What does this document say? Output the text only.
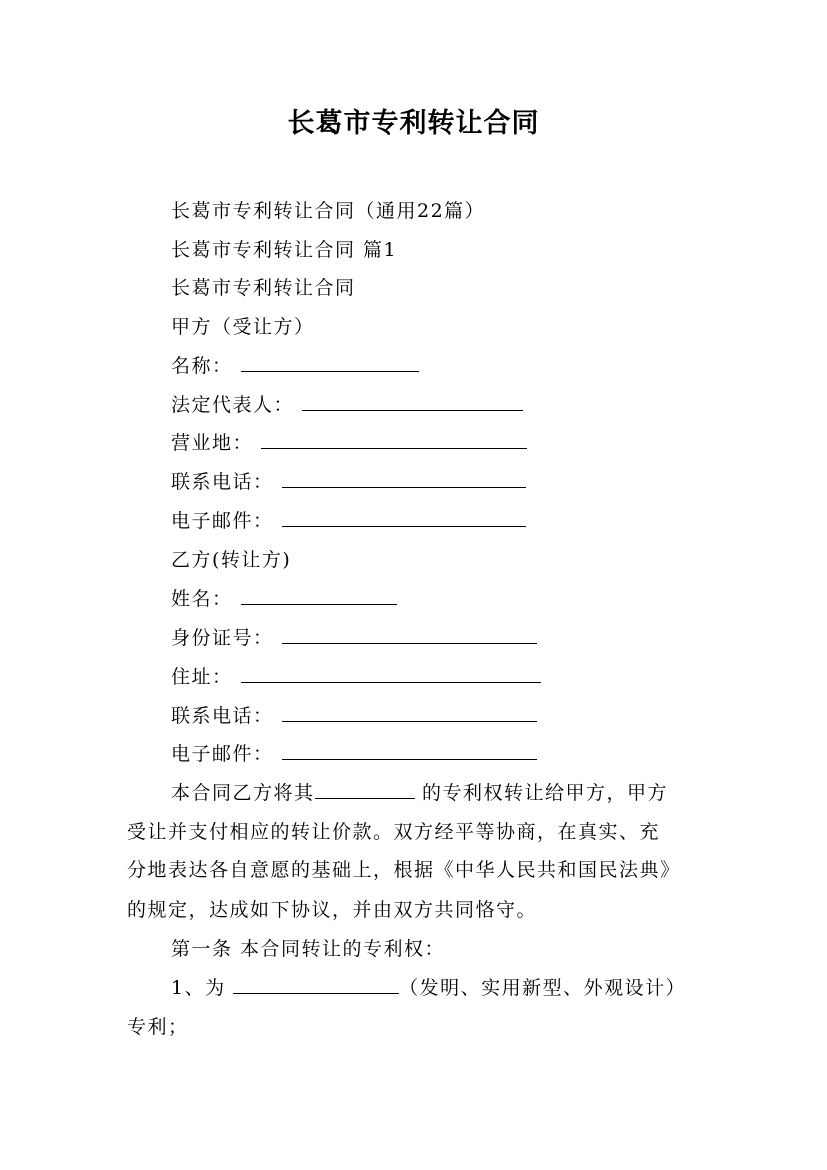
长葛市专利转让合同
长葛市专利转让合同（通用22篇）
长葛市专利转让合同 篇1
长葛市专利转让合同
甲方（受让方）
名称：
法定代表人：
营业地：
联系电话：
电子邮件：
乙方(转让方)
姓名：
身份证号：
住址：
联系电话：
电子邮件：
本合同乙方将其	的专利权转让给甲方，甲方
受让并支付相应的转让价款。双方经平等协商，在真实、充
分地表达各自意愿的基础上，根据《中华人民共和国民法典》
的规定，达成如下协议，并由双方共同恪守。
第一条 本合同转让的专利权：
1、为	（发明、实用新型、外观设计）
专利；
